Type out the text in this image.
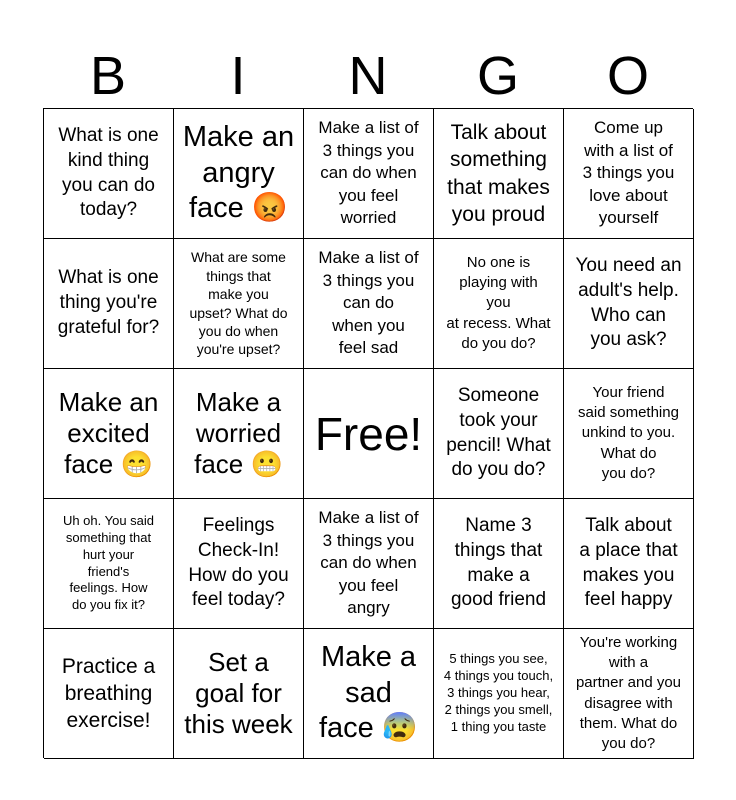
B	I	N	G	O
What is one
kind thing
you can do
today?
Make an
angry
face 😡
Make a list of
3 things you
can do when
you feel
worried
Talk about
something
that makes
you proud
Come up
with a list of
3 things you
love about
yourself
What is one
thing you're
grateful for?
What are some
things that
make you
upset? What do
you do when
you're upset?
Make a list of
3 things you
can do
when you
feel sad
No one is
playing with
you
at recess. What
do you do?
You need an
adult's help.
Who can
you ask?
Make an
excited
face 😁
Make a
worried
face 😬
Free!
Someone
took your
pencil! What
do you do?
Your friend
said something
unkind to you.
What do
you do?
Uh oh. You said
something that
hurt your
friend's
feelings. How
do you fix it?
Feelings
Check-In!
How do you
feel today?
Make a list of
3 things you
can do when
you feel
angry
Name 3
things that
make a
good friend
Talk about
a place that
makes you
feel happy
Practice a
breathing
exercise!
Set a
goal for
this week
Make a
sad
face 😰
5 things you see,
4 things you touch,
3 things you hear,
2 things you smell,
1 thing you taste
You're working
with a
partner and you
disagree with
them. What do
you do?
